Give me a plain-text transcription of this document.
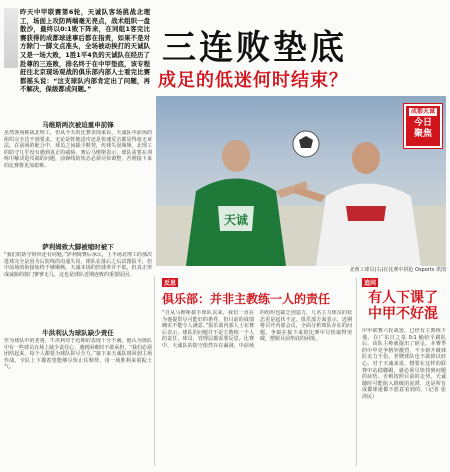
昨天中甲联赛第6轮，天诚队客场挑战北理工，场面上攻防两端毫无亮点，战术组织一盘散沙，最终以0:1败下阵来，在同组1客完比赛获得的成都球迷事后都在指责，如果不是对方除门一脚文点准头，全场被动挨打的天诚队又是一场大败，1胜1平4负的天诚队在经历了赴尊的三连败，排名终于在中甲垫底，该专程赶往北京现场观战的俱乐部内部人士看完比赛都摇头说：“这支球队内部肯定出了问题，再不解决，保级都成问题。”
三连败垫底
成足的低迷何时结束？
天诚
北理工球员(右)在比赛中拼抢 Osports 供图
成都天诚
今日
聚焦
马维斯两次被迫重申前锋
虽然客场挑战北理工，但从今天的比赛表现来看，天诚队中前场的组织完全达不到要求，无论是阵地进攻还是快速反击都显得毫无章法。在前场的配合中，球员之间缺少默契，传球失误频频，北理工的防守几乎没有遇到真正的威胁。赛后马维斯表示，球队需要在训练中解决进攻端的问题，前锋线的状态必须尽快调整，否则接下来的比赛将更加艰难。
萨利姆致大脚被缩时被下
“我们的防守组织还有问题。”萨利姆赛后承认，上半场北理工的那次进球完全是因为后防线的沟通失误，球队在落后之后试图扳平，但中前场的衔接始终不够顺畅。天诚本场的控球率并不低，但真正形成威胁的射门寥寥无几，这也是球队近期连败的重要原因。
牛洪利认为球队缺少责任
作为球队中的老将，牛洪利对于近期的表现十分不满。他认为球队中有一些球员在场上缺少责任心，遇到困难时不敢承担，“我们必须团结起来，每个人都要为球队拼尽全力。”接下来天诚队将回到主场作战，全队上下都希望能够尽快止住颓势，用一场胜利来重振士气。
反思
俱乐部：并非主教练一人的责任
“自从马维斯接手球队以来，我们一直在为他提供尽可能好的条件，但目前的成绩确实不能令人满意。”俱乐部内部人士在赛后表示，球队的问题并不是主教练一个人的责任，球员、管理层都需要反思。比赛中，天诚队的防守依然存在漏洞，中前场的组织也缺乏创造力，几名主力球员的状态更是起伏不定。俱乐部方面表示，近期将召开内部会议，全面分析球队存在的问题，争取在接下来的比赛中尽快取得突破，摆脱目前垫底的困境。
追问
有人下课了
中甲不好混
中甲联赛六轮战罢，已经有主教练下课。在广东日之泉 0:1 输给平路队后，该队主帅就提出了辞呈。本赛季的中甲竞争格外激烈，不少新升级球队实力不俗，老牌球队也不敢掉以轻心。对于天诚来说，想要在这样的联赛中站稳脚跟，就必须尽快找到问题的症结。否则按照目前的走势，天诚随时可能陷入降级的泥潭，这是所有成都球迷都不愿意看到的。（记者 张泽民）
